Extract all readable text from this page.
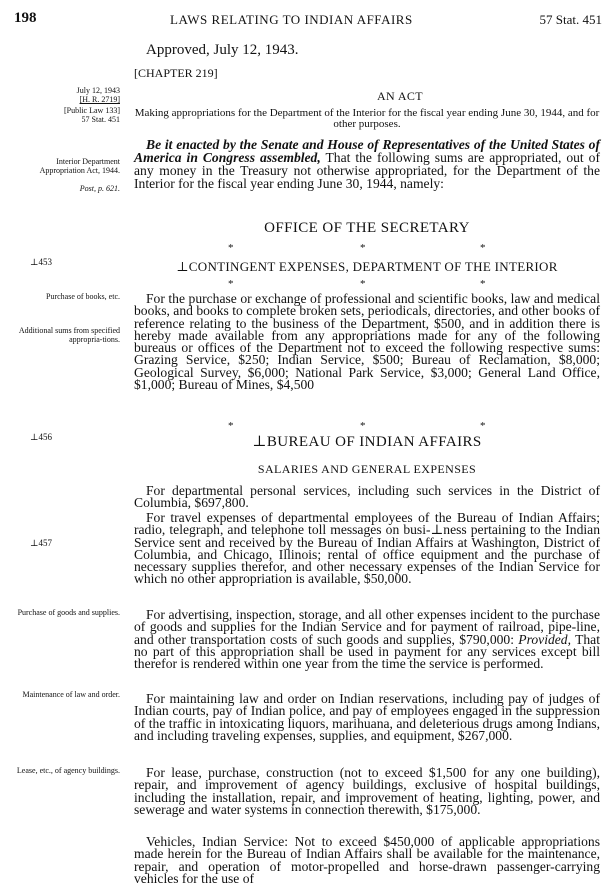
198	LAWS RELATING TO INDIAN AFFAIRS	57 Stat. 451
Approved, July 12, 1943.
July 12, 1943
[H. R. 2719]
[Public Law 133]
57 Stat. 451
Interior Department
Appropriation Act, 1944.
Post, p. 621.
⊥453
Purchase of books, etc.
Additional sums from specified appropria-tions.
⊥456
⊥457
Purchase of goods and supplies.
Maintenance of law and order.
Lease, etc., of agency buildings.
[CHAPTER 219]
AN ACT
Making appropriations for the Department of the Interior for the fiscal year ending June 30, 1944, and for other purposes.
Be it enacted by the Senate and House of Representatives of the United States of America in Congress assembled, That the following sums are appropriated, out of any money in the Treasury not otherwise appropriated, for the Department of the Interior for the fiscal year ending June 30, 1944, namely:
OFFICE OF THE SECRETARY
*	*	*
⊥CONTINGENT EXPENSES, DEPARTMENT OF THE INTERIOR
*	*	*
For the purchase or exchange of professional and scientific books, law and medical books, and books to complete broken sets, periodicals, directories, and other books of reference relating to the business of the Department, $500, and in addition there is hereby made available from any appropriations made for any of the following bureaus or offices of the Department not to exceed the following respective sums: Grazing Service, $250; Indian Service, $500; Bureau of Reclamation, $8,000; Geological Survey, $6,000; National Park Service, $3,000; General Land Office, $1,000; Bureau of Mines, $4,500
*	*	*
⊥BUREAU OF INDIAN AFFAIRS
SALARIES AND GENERAL EXPENSES
For departmental personal services, including such services in the District of Columbia, $697,800.
For travel expenses of departmental employees of the Bureau of Indian Affairs; radio, telegraph, and telephone toll messages on busi-⊥ness pertaining to the Indian Service sent and received by the Bureau of Indian Affairs at Washington, District of Columbia, and Chicago, Illinois; rental of office equipment and the purchase of necessary supplies therefor, and other necessary expenses of the Indian Service for which no other appropriation is available, $50,000.
For advertising, inspection, storage, and all other expenses incident to the purchase of goods and supplies for the Indian Service and for payment of railroad, pipe-line, and other transportation costs of such goods and supplies, $790,000: Provided, That no part of this appropriation shall be used in payment for any services except bill therefor is rendered within one year from the time the service is performed.
For maintaining law and order on Indian reservations, including pay of judges of Indian courts, pay of Indian police, and pay of employees engaged in the suppression of the traffic in intoxicating liquors, marihuana, and deleterious drugs among Indians, and including traveling expenses, supplies, and equipment, $267,000.
For lease, purchase, construction (not to exceed $1,500 for any one building), repair, and improvement of agency buildings, exclusive of hospital buildings, including the installation, repair, and improvement of heating, lighting, power, and sewerage and water systems in connection therewith, $175,000.
Vehicles, Indian Service: Not to exceed $450,000 of applicable appropriations made herein for the Bureau of Indian Affairs shall be available for the maintenance, repair, and operation of motor-propelled and horse-drawn passenger-carrying vehicles for the use of
